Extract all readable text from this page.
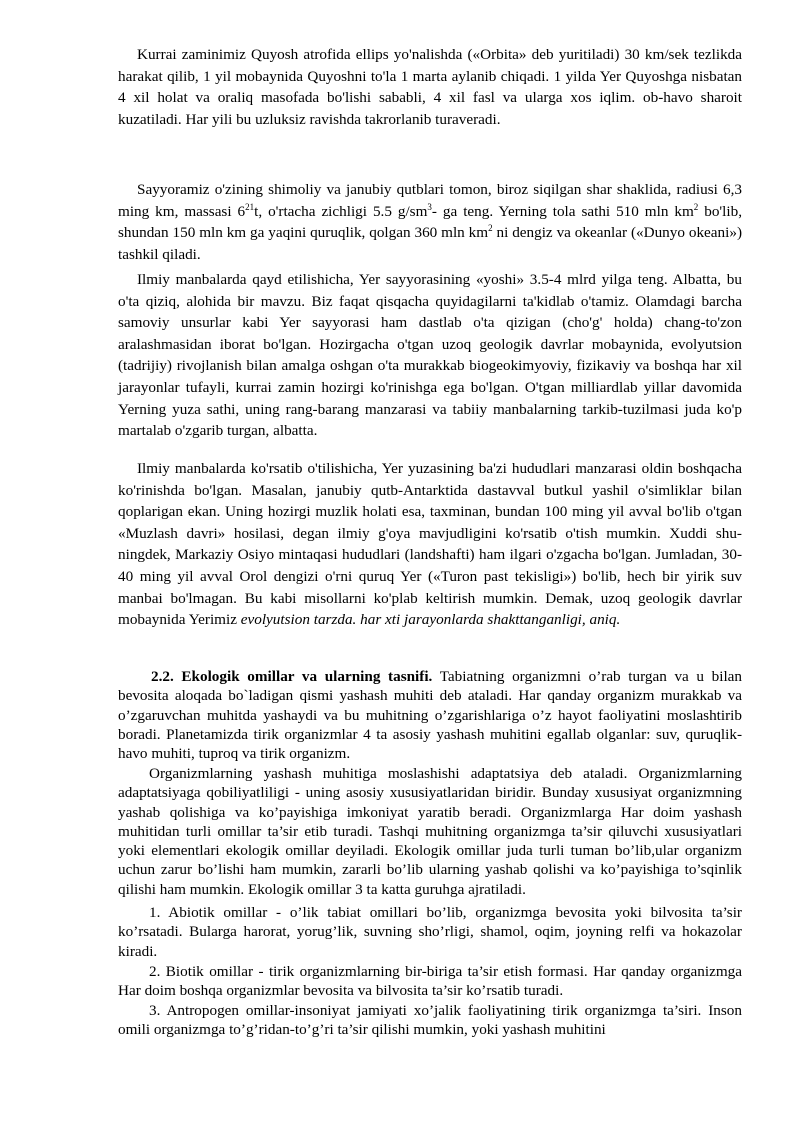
Kurrai zaminimiz Quyosh atrofida ellips yo'nalishda («Orbita» deb yuritiladi) 30 km/sek tezlikda harakat qilib, 1 yil mobaynida Quyoshni to'la 1 marta aylanib chiqadi. 1 yilda Yer Quyoshga nisbatan 4 xil holat va oraliq masofada bo'lishi sababli, 4 xil fasl va ularga xos iqlim. ob-havo sharoit kuzatiladi. Har yili bu uzluksiz ravishda takrorlanib turaveradi.

Sayyoramiz o'zining shimoliy va janubiy qutblari tomon, biroz siqilgan shar shaklida, radiusi 6,3 ming km, massasi $6^{21}t$, o'rtacha zichligi 5.5 $g/sm^3-$ ga teng. Yerning tola sathi 510 mln $km^2$ bo'lib, shundan 150 mln km ga yaqini quruqlik, qolgan 360 mln $km^2$ ni dengiz va okeanlar («Dunyo okeani») tashkil qiladi.

Ilmiy manbalarda qayd etilishicha, Yer sayyorasining «yoshi» 3.5-4 mlrd yilga teng. Albatta, bu o'ta qiziq, alohida bir mavzu. Biz faqat qisqacha quyidagilarni ta'kidlab o'tamiz. Olamdagi barcha samoviy unsurlar kabi Yer sayyorasi ham dastlab o'ta qizigan (cho'g' holda) chang-to'zon aralashmasidan iborat bo'lgan. Hozirgacha o'tgan uzoq geologik davrlar mobaynida, evolyutsion (tadrijiy) rivojlanish bilan amalga oshgan o'ta murakkab biogeokimyoviy, fizikaviy va boshqa har xil jarayonlar tufayli, kurrai zamin hozirgi ko'rinishga ega bo'lgan. O'tgan milliardlab yillar davomida Yerning yuza sathi, uning rang-barang manzarasi va tabiiy manbalarning tarkib-tuzilmasi juda ko'p martalab o'zgarib turgan, albatta.

Ilmiy manbalarda ko'rsatib o'tilishicha, Yer yuzasining ba'zi hududlari manzarasi oldin boshqacha ko'rinishda bo'lgan. Masalan, janubiy qutb-Antarktida dastavval butkul yashil o'simliklar bilan qoplarigan ekan. Uning hozirgi muzlik holati esa, taxminan, bundan 100 ming yil avval bo'lib o'tgan «Muzlash davri» hosilasi, degan ilmiy g'oya mavjudligini ko'rsatib o'tish mumkin. Xuddi shu-ningdek, Markaziy Osiyo mintaqasi hududlari (landshafti) ham ilgari o'zgacha bo'lgan. Jumladan, 30-40 ming yil avval Orol dengizi o'rni quruq Yer («Turon past tekisligi») bo'lib, hech bir yirik suv manbai bo'lmagan. Bu kabi misollarni ko'plab keltirish mumkin. Demak, uzoq geologik davrlar mobaynida Yerimiz evolyutsion tarzda. har xti jarayonlarda shakttanganligi, aniq.

2.2. Ekologik omillar va ularning tasnifi. Tabiatning organizmni o’rab turgan va u bilan bevosita aloqada bo`ladigan qismi yashash muhiti deb ataladi. Har qanday organizm murakkab va o’zgaruvchan muhitda yashaydi va bu muhitning o’zgarishlariga o’z hayot faoliyatini moslashtirib boradi. Planetamizda tirik organizmlar 4 ta asosiy yashash muhitini egallab olganlar: suv, quruqlik-havo muhiti, tuproq va tirik organizm.

Organizmlarning yashash muhitiga moslashishi adaptatsiya deb ataladi. Organizmlarning adaptatsiyaga qobiliyatliligi - uning asosiy xususiyatlaridan biridir. Bunday xususiyat organizmning yashab qolishiga va ko’payishiga imkoniyat yaratib beradi. Organizmlarga Har doim yashash muhitidan turli omillar ta’sir etib turadi. Tashqi muhitning organizmga ta’sir qiluvchi xususiyatlari yoki elementlari ekologik omillar deyiladi. Ekologik omillar juda turli tuman bo’lib,ular organizm uchun zarur bo’lishi ham mumkin, zararli bo’lib ularning yashab qolishi va ko’payishiga to’sqinlik qilishi ham mumkin. Ekologik omillar 3 ta katta guruhga ajratiladi.

1. Abiotik omillar - o’lik tabiat omillari bo’lib, organizmga bevosita yoki bilvosita ta’sir ko’rsatadi. Bularga harorat, yorug’lik, suvning sho’rligi, shamol, oqim, joyning relfi va hokazolar kiradi.

2. Biotik omillar - tirik organizmlarning bir-biriga ta’sir etish formasi. Har qanday organizmga Har doim boshqa organizmlar bevosita va bilvosita ta’sir ko’rsatib turadi.

3. Antropogen omillar-insoniyat jamiyati xo’jalik faoliyatining tirik organizmga ta’siri. Inson omili organizmga to’g’ridan-to’g’ri ta’sir qilishi mumkin, yoki yashash muhitini
